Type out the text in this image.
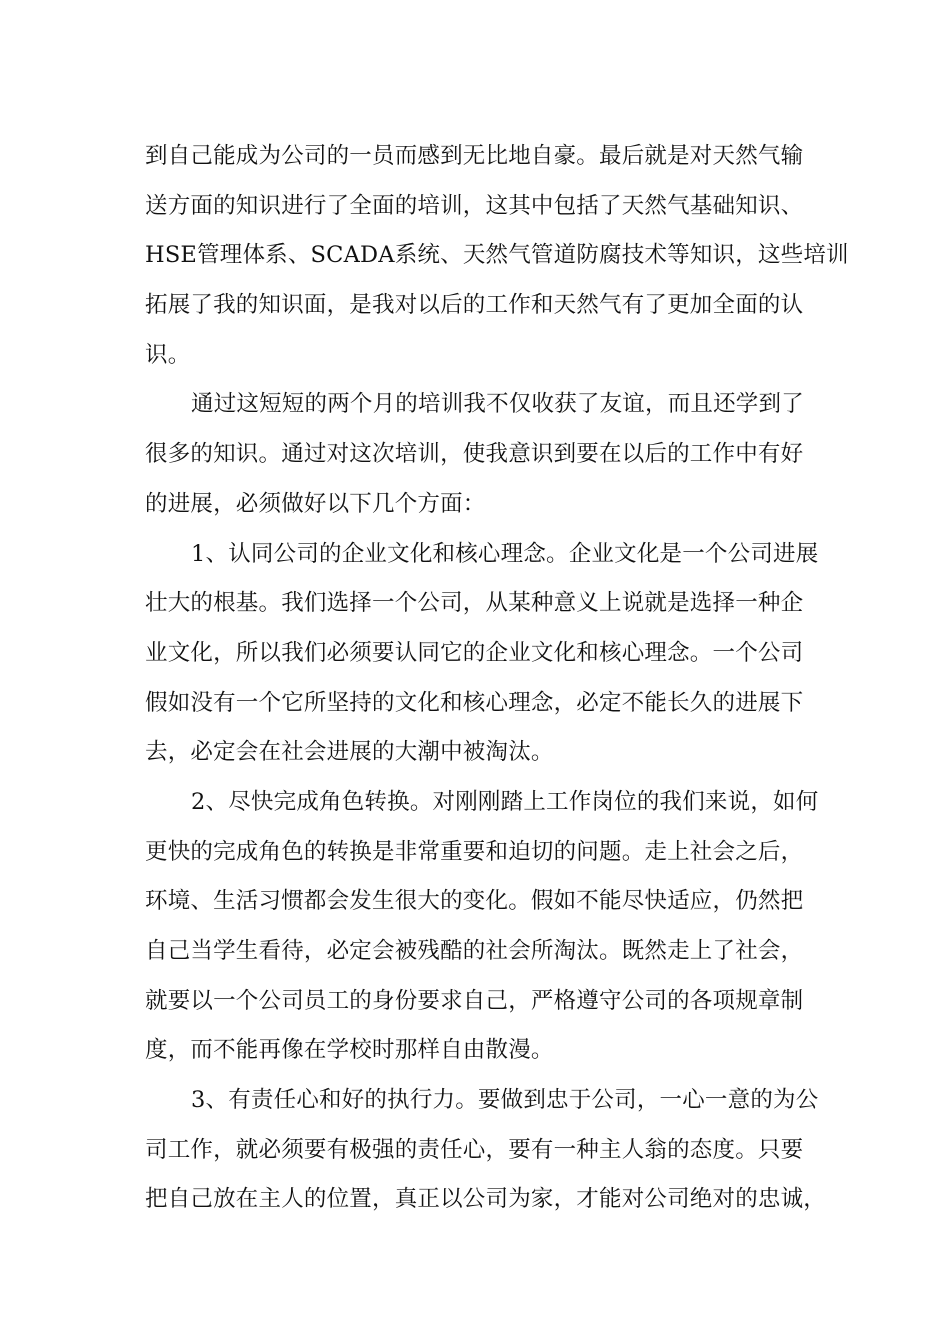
到自己能成为公司的一员而感到无比地自豪。最后就是对天然气输
送方面的知识进行了全面的培训，这其中包括了天然气基础知识、
HSE管理体系、SCADA系统、天然气管道防腐技术等知识，这些培训
拓展了我的知识面，是我对以后的工作和天然气有了更加全面的认
识。
通过这短短的两个月的培训我不仅收获了友谊，而且还学到了
很多的知识。通过对这次培训，使我意识到要在以后的工作中有好
的进展，必须做好以下几个方面：
1、认同公司的企业文化和核心理念。企业文化是一个公司进展
壮大的根基。我们选择一个公司，从某种意义上说就是选择一种企
业文化，所以我们必须要认同它的企业文化和核心理念。一个公司
假如没有一个它所坚持的文化和核心理念，必定不能长久的进展下
去，必定会在社会进展的大潮中被淘汰。
2、尽快完成角色转换。对刚刚踏上工作岗位的我们来说，如何
更快的完成角色的转换是非常重要和迫切的问题。走上社会之后，
环境、生活习惯都会发生很大的变化。假如不能尽快适应，仍然把
自己当学生看待，必定会被残酷的社会所淘汰。既然走上了社会，
就要以一个公司员工的身份要求自己，严格遵守公司的各项规章制
度，而不能再像在学校时那样自由散漫。
3、有责任心和好的执行力。要做到忠于公司，一心一意的为公
司工作，就必须要有极强的责任心，要有一种主人翁的态度。只要
把自己放在主人的位置，真正以公司为家，才能对公司绝对的忠诚，
